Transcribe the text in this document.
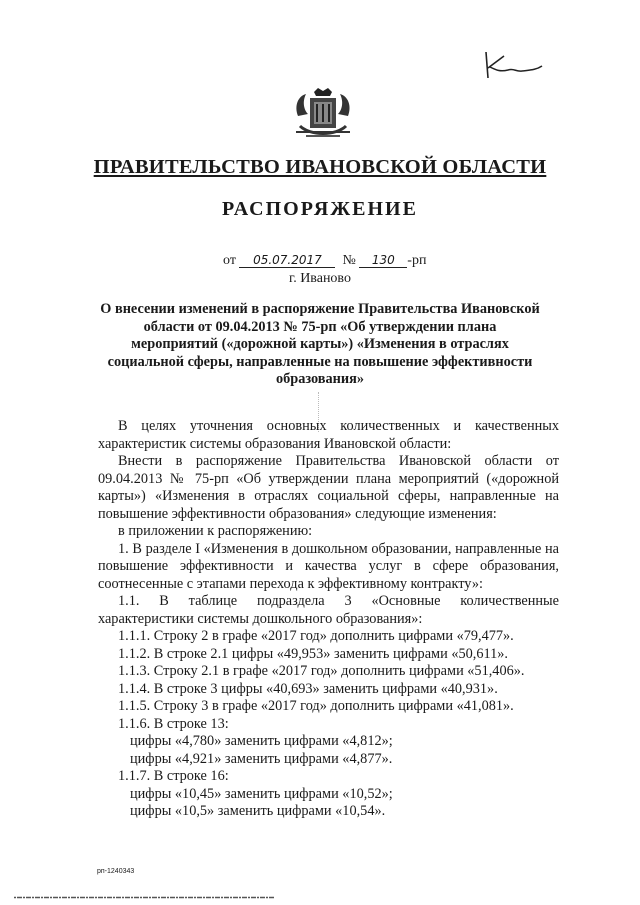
ПРАВИТЕЛЬСТВО ИВАНОВСКОЙ ОБЛАСТИ
РАСПОРЯЖЕНИЕ
от 05.07.2017 № 130 -рп
г. Иваново
О внесении изменений в распоряжение Правительства Ивановской области от 09.04.2013 № 75-рп «Об утверждении плана мероприятий («дорожной карты») «Изменения в отраслях социальной сферы, направленные на повышение эффективности образования»

В целях уточнения основных количественных и качественных характеристик системы образования Ивановской области:

Внести в распоряжение Правительства Ивановской области от 09.04.2013 № 75-рп «Об утверждении плана мероприятий («дорожной карты») «Изменения в отраслях социальной сферы, направленные на повышение эффективности образования» следующие изменения:

в приложении к распоряжению:

1. В разделе I «Изменения в дошкольном образовании, направленные на повышение эффективности и качества услуг в сфере образования, соотнесенные с этапами перехода к эффективному контракту»:

1.1. В таблице подраздела 3 «Основные количественные характеристики системы дошкольного образования»:

1.1.1. Строку 2 в графе «2017 год» дополнить цифрами «79,477».

1.1.2. В строке 2.1 цифры «49,953» заменить цифрами «50,611».

1.1.3. Строку 2.1 в графе «2017 год» дополнить цифрами «51,406».

1.1.4. В строке 3 цифры «40,693» заменить цифрами «40,931».

1.1.5. Строку 3 в графе «2017 год» дополнить цифрами «41,081».

1.1.6. В строке 13:

цифры «4,780» заменить цифрами «4,812»;

цифры «4,921» заменить цифрами «4,877».

1.1.7. В строке 16:

цифры «10,45» заменить цифрами «10,52»;

цифры «10,5» заменить цифрами «10,54».

рп-1240343
